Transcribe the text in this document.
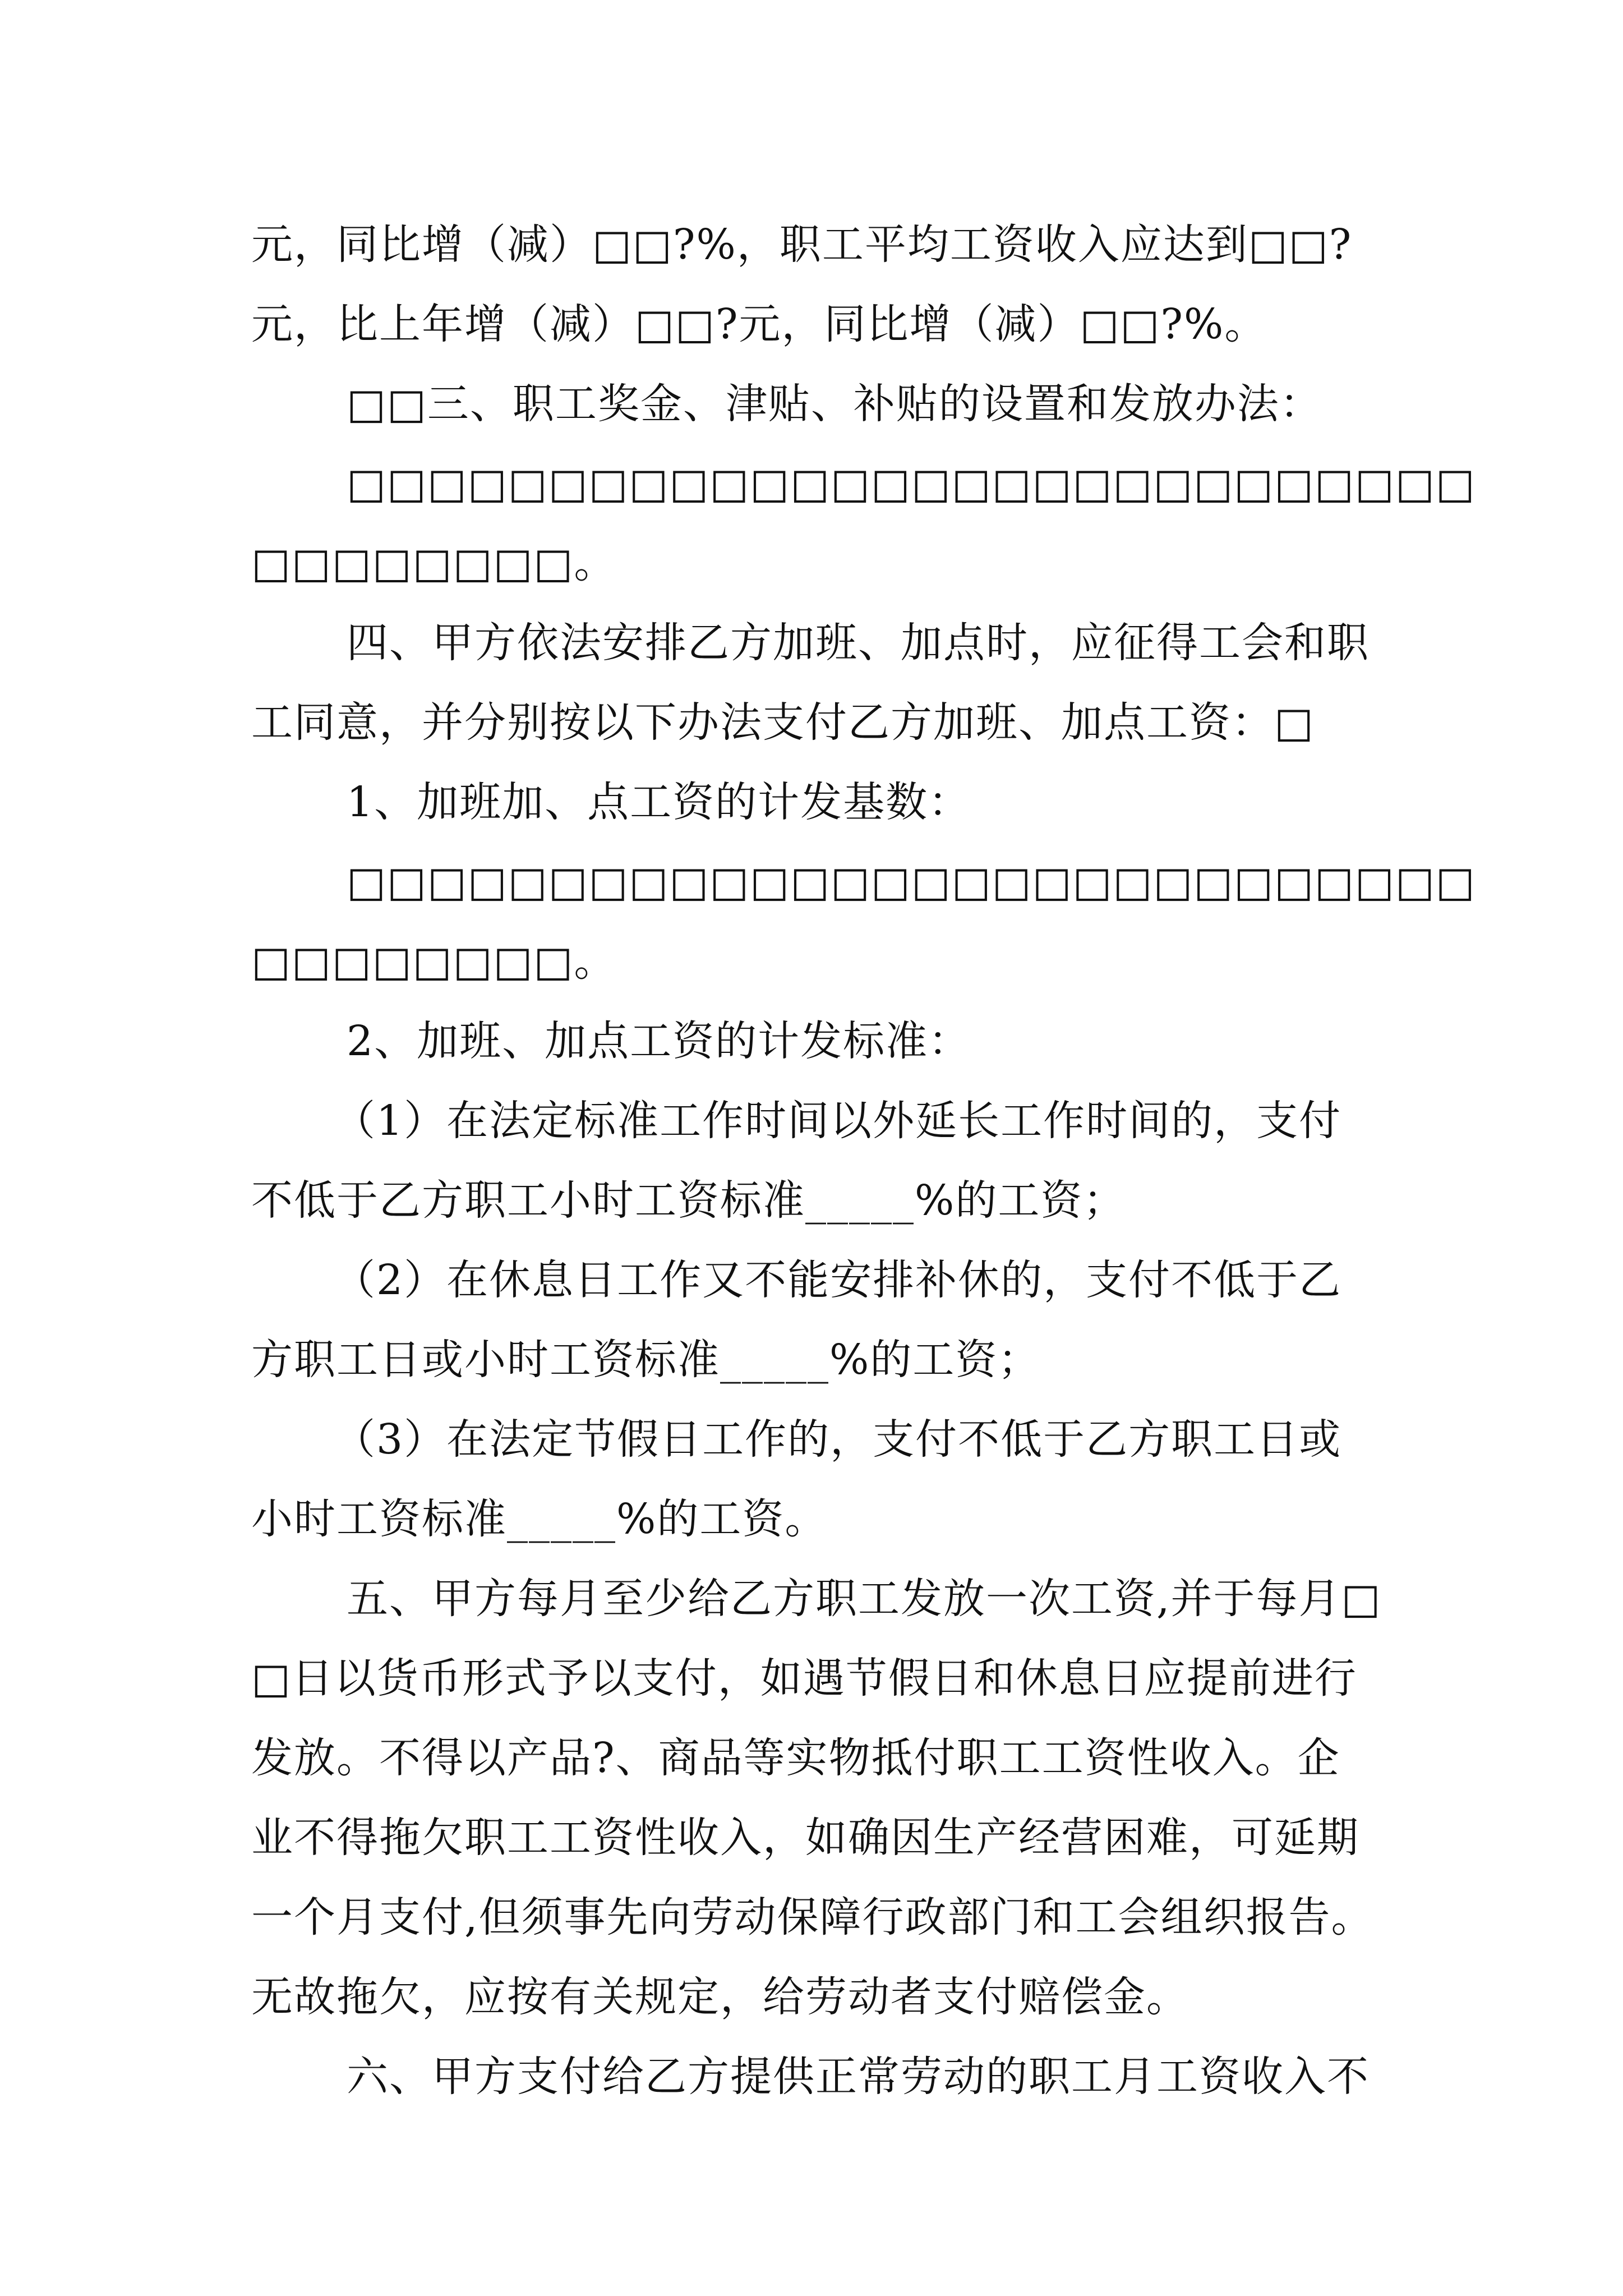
元，同比增（减）□□?%，职工平均工资收入应达到□□?

元，比上年增（减）□□?元，同比增（减）□□?%。

□□三、职工奖金、津贴、补贴的设置和发放办法：

□□□□□□□□□□□□□□□□□□□□□□□□□□□□

□□□□□□□□。

四、甲方依法安排乙方加班、加点时，应征得工会和职

工同意，并分别按以下办法支付乙方加班、加点工资：□

1、加班加、点工资的计发基数：

□□□□□□□□□□□□□□□□□□□□□□□□□□□□

□□□□□□□□。

2、加班、加点工资的计发标准：

（1）在法定标准工作时间以外延长工作时间的，支付

不低于乙方职工小时工资标准_____%的工资；

（2）在休息日工作又不能安排补休的，支付不低于乙

方职工日或小时工资标准_____%的工资；

（3）在法定节假日工作的，支付不低于乙方职工日或

小时工资标准_____%的工资。

五、甲方每月至少给乙方职工发放一次工资,并于每月□

□日以货币形式予以支付，如遇节假日和休息日应提前进行

发放。不得以产品?、商品等实物抵付职工工资性收入。企

业不得拖欠职工工资性收入，如确因生产经营困难，可延期

一个月支付,但须事先向劳动保障行政部门和工会组织报告。

无故拖欠，应按有关规定，给劳动者支付赔偿金。

六、甲方支付给乙方提供正常劳动的职工月工资收入不
